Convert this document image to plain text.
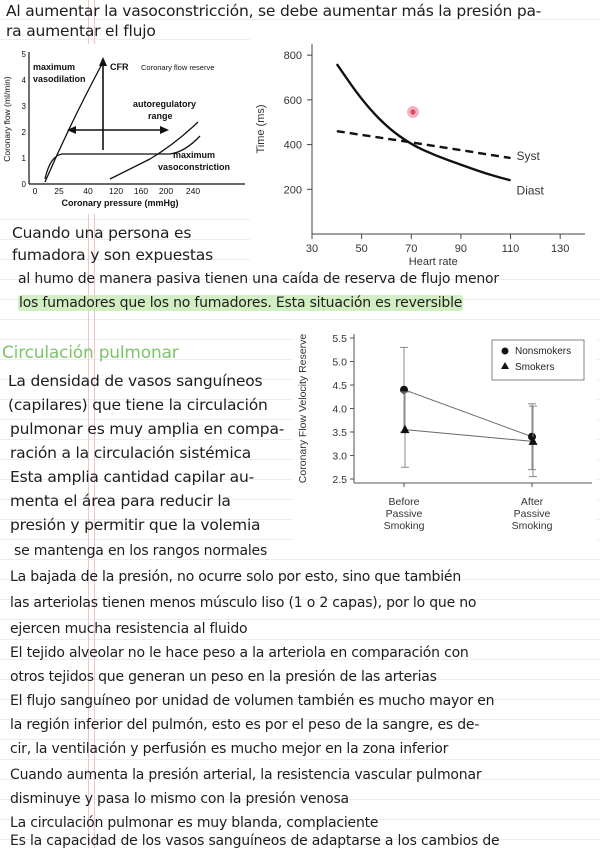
Al aumentar la vasoconstricción, se debe aumentar más la presión pa-
ra aumentar el flujo
Cuando una persona es
fumadora y son expuestas
al humo de manera pasiva tienen una caída de reserva de flujo menor
los fumadores que los no fumadores. Esta situación es reversible
Circulación pulmonar
La densidad de vasos sanguíneos
(capilares) que tiene la circulación
pulmonar es muy amplia en compa-
ración a la circulación sistémica
Esta amplia cantidad capilar au-
menta el área para reducir la
presión y permitir que la volemia
se mantenga en los rangos normales
La bajada de la presión, no ocurre solo por esto, sino que también
las arteriolas tienen menos músculo liso (1 o 2 capas), por lo que no
ejercen mucha resistencia al fluido
El tejido alveolar no le hace peso a la arteriola en comparación con
otros tejidos que generan un peso en la presión de las arterias
El flujo sanguíneo por unidad de volumen también es mucho mayor en
la región inferior del pulmón, esto es por el peso de la sangre, es de-
cir, la ventilación y perfusión es mucho mejor en la zona inferior
Cuando aumenta la presión arterial, la resistencia vascular pulmonar
disminuye y pasa lo mismo con la presión venosa
La circulación pulmonar es muy blanda, complaciente
Es la capacidad de los vasos sanguíneos de adaptarse a los cambios de
Coronary flow (ml/min)
Coronary pressure (mmHg)
0
1
2
3
4
5
0 25 40 120 160 200 240
maximum
vasodilation
CFR Coronary flow reserve
autoregulatory
range
maximum
vasoconstriction
200
400
600
800
30	50	70	90	110	130
Heart rate
Time (ms)
Syst
Diast
2.5
3.0
3.5
4.0
4.5
5.0
5.5
Coronary Flow Velocity Reserve
Before
Passive
Smoking
After
Passive
Smoking
Nonsmokers
Smokers
